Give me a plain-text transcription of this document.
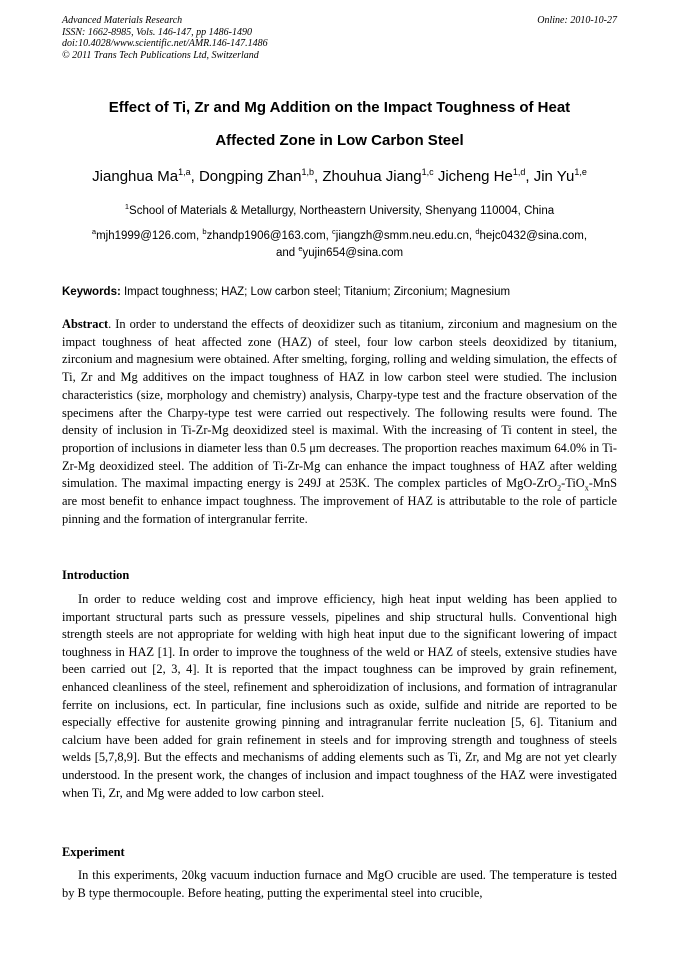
Advanced Materials Research	Online: 2010-10-27
ISSN: 1662-8985, Vols. 146-147, pp 1486-1490
doi:10.4028/www.scientific.net/AMR.146-147.1486
© 2011 Trans Tech Publications Ltd, Switzerland
Effect of Ti, Zr and Mg Addition on the Impact Toughness of Heat
Affected Zone in Low Carbon Steel
Jianghua Ma$^{1,a}$, Dongping Zhan$^{1,b}$, Zhouhua Jiang$^{1,c}$ Jicheng He$^{1,d}$, Jin Yu$^{1,e}$
$^1$School of Materials & Metallurgy, Northeastern University, Shenyang 110004, China
$^a$mjh1999@126.com, $^b$zhandp1906@163.com, $^c$jiangzh@smm.neu.edu.cn, $^d$hejc0432@sina.com,
and $^e$yujin654@sina.com
Keywords: Impact toughness; HAZ; Low carbon steel; Titanium; Zirconium; Magnesium
Abstract. In order to understand the effects of deoxidizer such as titanium, zirconium and magnesium on the impact toughness of heat affected zone (HAZ) of steel, four low carbon steels deoxidized by titanium, zirconium and magnesium were obtained. After smelting, forging, rolling and welding simulation, the effects of Ti, Zr and Mg additives on the impact toughness of HAZ in low carbon steel were studied. The inclusion characteristics (size, morphology and chemistry) analysis, Charpy-type test and the fracture observation of the specimens after the Charpy-type test were carried out respectively. The following results were found. The density of inclusion in Ti-Zr-Mg deoxidized steel is maximal. With the increasing of Ti content in steel, the proportion of inclusions in diameter less than 0.5 μm decreases. The proportion reaches maximum 64.0% in Ti-Zr-Mg deoxidized steel. The addition of Ti-Zr-Mg can enhance the impact toughness of HAZ after welding simulation. The maximal impacting energy is 249J at 253K. The complex particles of MgO-ZrO$_2$-TiO$_x$-MnS are most benefit to enhance impact toughness. The improvement of HAZ is attributable to the role of particle pinning and the formation of intergranular ferrite.
Introduction
In order to reduce welding cost and improve efficiency, high heat input welding has been applied to important structural parts such as pressure vessels, pipelines and ship structural hulls. Conventional high strength steels are not appropriate for welding with high heat input due to the significant lowering of impact toughness in HAZ [1]. In order to improve the toughness of the weld or HAZ of steels, extensive studies have been carried out [2, 3, 4]. It is reported that the impact toughness can be improved by grain refinement, enhanced cleanliness of the steel, refinement and spheroidization of inclusions, and formation of intragranular ferrite on inclusions, ect. In particular, fine inclusions such as oxide, sulfide and nitride are reported to be especially effective for austenite growing pinning and intragranular ferrite nucleation [5, 6]. Titanium and calcium have been added for grain refinement in steels and for improving strength and toughness of steels welds [5,7,8,9]. But the effects and mechanisms of adding elements such as Ti, Zr, and Mg are not yet clearly understood. In the present work, the changes of inclusion and impact toughness of the HAZ were investigated when Ti, Zr, and Mg were added to low carbon steel.
Experiment
In this experiments, 20kg vacuum induction furnace and MgO crucible are used. The temperature is tested by B type thermocouple. Before heating, putting the experimental steel into crucible,
